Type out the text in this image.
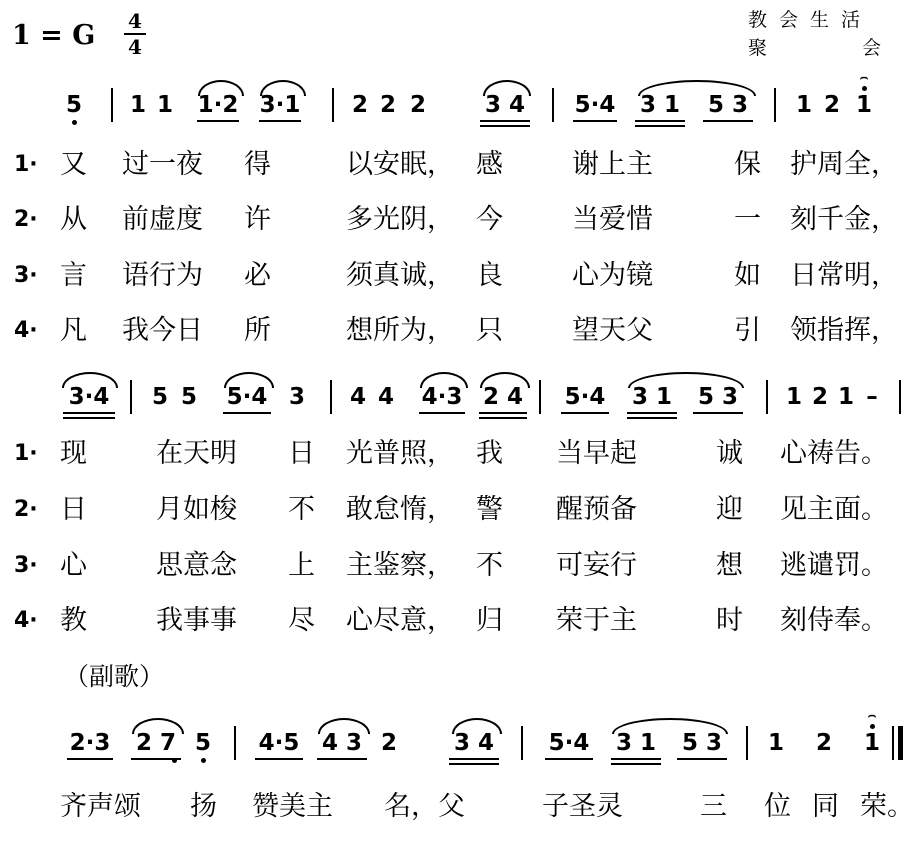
1 = G 4
4
教会生活
聚	会
（副歌）
5 1 1 1·2 3·1 2 2 2	3 4 5·4 3 1 5 3 1 2 1
⌢
3·4 5 5 5·4 3 4 4 4·3 2 4 5·4 3 1 5 3 1 2 1 –
2·3 2 7 5 4·5 4 3 2 3 4 5·4 3 1 5 3 1 2 1
⌢
1· 又 过一夜 得	以安眠， 感	谢上主	保 护周全，
2· 从 前虚度 许	多光阴， 今	当爱惜	一 刻千金，
3· 言 语行为 必	须真诚， 良	心为镜	如 日常明，
4· 凡 我今日 所	想所为， 只	望天父	引 领指挥，
1· 现	在天明 日 光普照， 我 当早起	诚 心祷告。
2· 日	月如梭 不 敢怠惰， 警 醒预备	迎 见主面。
3· 心	思意念 上 主鉴察， 不 可妄行	想 逃谴罚。
4· 教	我事事 尽 心尽意， 归 荣于主	时 刻侍奉。
齐声颂 扬 赞美主 名，父	子圣灵	三 位 同 荣。
